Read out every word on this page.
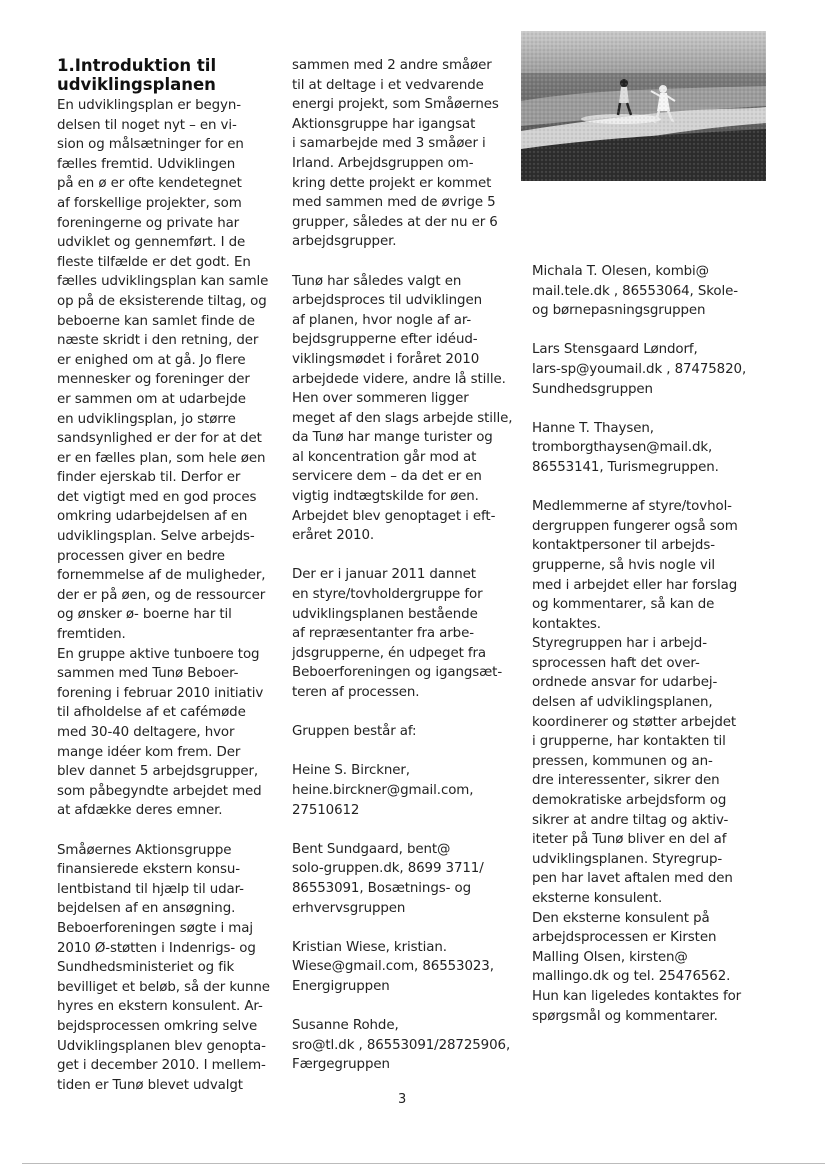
1.Introduktion til udviklingsplanen

En udviklingsplan er begyn-
delsen til noget nyt – en vi-
sion og målsætninger for en
fælles fremtid. Udviklingen
på en ø er ofte kendetegnet
af forskellige projekter, som
foreningerne og private har
udviklet og gennemført. I de
fleste tilfælde er det godt. En
fælles udviklingsplan kan samle
op på de eksisterende tiltag, og
beboerne kan samlet finde de
næste skridt i den retning, der
er enighed om at gå. Jo flere
mennesker og foreninger der
er sammen om at udarbejde
en udviklingsplan, jo større
sandsynlighed er der for at det
er en fælles plan, som hele øen
finder ejerskab til. Derfor er
det vigtigt med en god proces
omkring udarbejdelsen af en
udviklingsplan. Selve arbejds-
processen giver en bedre
fornemmelse af de muligheder,
der er på øen, og de ressourcer
og ønsker ø- boerne har til
fremtiden.
En gruppe aktive tunboere tog
sammen med Tunø Beboer-
forening i februar 2010 initiativ
til afholdelse af et cafémøde
med 30-40 deltagere, hvor
mange idéer kom frem. Der
blev dannet 5 arbejdsgrupper,
som påbegyndte arbejdet med
at afdække deres emner.

Småøernes Aktionsgruppe
finansierede ekstern konsu-
lentbistand til hjælp til udar-
bejdelsen af en ansøgning.
Beboerforeningen søgte i maj
2010 Ø-støtten i Indenrigs- og
Sundhedsministeriet og fik
bevilliget et beløb, så der kunne
hyres en ekstern konsulent. Ar-
bejdsprocessen omkring selve
Udviklingsplanen blev genopta-
get i december 2010. I mellem-
tiden er Tunø blevet udvalgt

sammen med 2 andre småøer
til at deltage i et vedvarende
energi projekt, som Småøernes
Aktionsgruppe har igangsat
i samarbejde med 3 småøer i
Irland. Arbejdsgruppen om-
kring dette projekt er kommet
med sammen med de øvrige 5
grupper, således at der nu er 6
arbejdsgrupper.

Tunø har således valgt en
arbejdsproces til udviklingen
af planen, hvor nogle af ar-
bejdsgrupperne efter idéud-
viklingsmødet i foråret 2010
arbejdede videre, andre lå stille.
Hen over sommeren ligger
meget af den slags arbejde stille,
da Tunø har mange turister og
al koncentration går mod at
servicere dem – da det er en
vigtig indtægtskilde for øen.
Arbejdet blev genoptaget i eft-
eråret 2010.

Der er i januar 2011 dannet
en styre/tovholdergruppe for
udviklingsplanen bestående
af repræsentanter fra arbe-
jdsgrupperne, én udpeget fra
Beboerforeningen og igangsæt-
teren af processen.

Gruppen består af:

Heine S. Birckner,
heine.birckner@gmail.com,
27510612

Bent Sundgaard, bent@
solo-gruppen.dk, 8699 3711/
86553091, Bosætnings- og
erhvervsgruppen

Kristian Wiese, kristian.
Wiese@gmail.com, 86553023,
Energigruppen

Susanne Rohde,
sro@tl.dk , 86553091/28725906,
Færgegruppen

Michala T. Olesen, kombi@
mail.tele.dk , 86553064, Skole-
og børnepasningsgruppen

Lars Stensgaard Løndorf,
lars-sp@youmail.dk , 87475820,
Sundhedsgruppen

Hanne T. Thaysen,
tromborgthaysen@mail.dk,
86553141, Turismegruppen.

Medlemmerne af styre/tovhol-
dergruppen fungerer også som
kontaktpersoner til arbejds-
grupperne, så hvis nogle vil
med i arbejdet eller har forslag
og kommentarer, så kan de
kontaktes.
Styregruppen har i arbejd-
sprocessen haft det over-
ordnede ansvar for udarbej-
delsen af udviklingsplanen,
koordinerer og støtter arbejdet
i grupperne, har kontakten til
pressen, kommunen og an-
dre interessenter, sikrer den
demokratiske arbejdsform og
sikrer at andre tiltag og aktiv-
iteter på Tunø bliver en del af
udviklingsplanen. Styregrup-
pen har lavet aftalen med den
eksterne konsulent.
Den eksterne konsulent på
arbejdsprocessen er Kirsten
Malling Olsen, kirsten@
mallingo.dk og tel. 25476562.
Hun kan ligeledes kontaktes for
spørgsmål og kommentarer.

3
